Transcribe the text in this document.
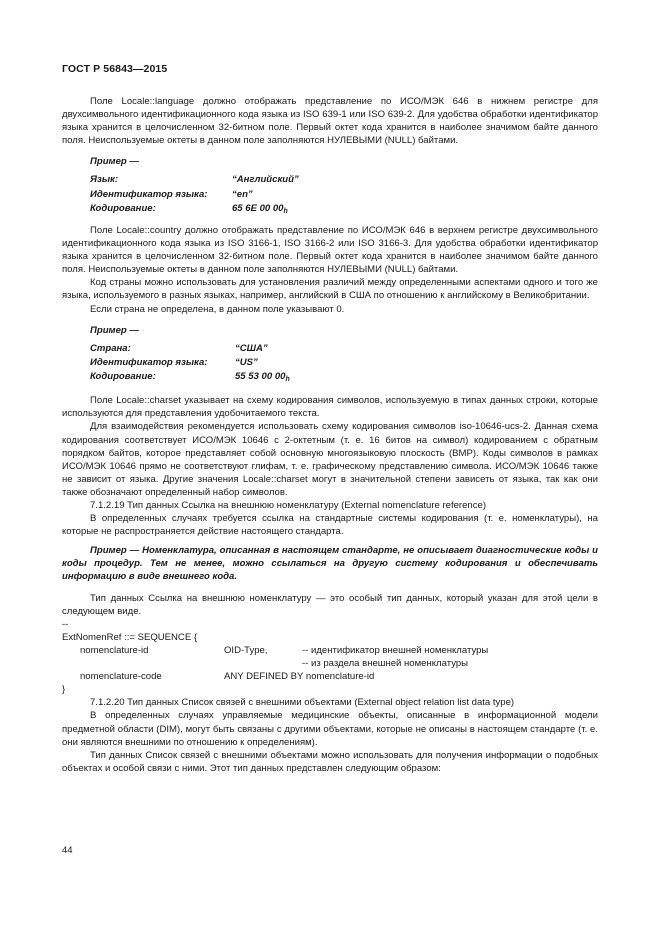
ГОСТ Р 56843—2015

Поле Locale::language должно отображать представление по ИСО/МЭК 646 в нижнем регистре для двухсимвольного идентификационного кода языка из ISO 639-1 или ISO 639-2. Для удобства обработки идентификатор языка хранится в целочисленном 32-битном поле. Первый октет кода хранится в наиболее значимом байте данного поля. Неиспользуемые октеты в данном поле заполняются НУЛЕВЫМИ (NULL) байтами.

Пример —
Язык:	“Английский”
Идентификатор языка:	“en”
Кодирование:	65 6E 00 $00_h$

Поле Locale::country должно отображать представление по ИСО/МЭК 646 в верхнем регистре двухсимвольного идентификационного кода языка из ISO 3166-1, ISO 3166-2 или ISO 3166-3. Для удобства обработки идентификатор языка хранится в целочисленном 32-битном поле. Первый октет кода хранится в наиболее значимом байте данного поля. Неиспользуемые октеты в данном поле заполняются НУЛЕВЫМИ (NULL) байтами.

Код страны можно использовать для установления различий между определенными аспектами одного и того же языка, используемого в разных языках, например, английский в США по отношению к английскому в Великобритании.

Если страна не определена, в данном поле указывают 0.

Пример —
Страна:	“США”
Идентификатор языка:	“US”
Кодирование:	55 53 00 $00_h$

Поле Locale::charset указывает на схему кодирования символов, используемую в типах данных строки, которые используются для представления удобочитаемого текста.

Для взаимодействия рекомендуется использовать схему кодирования символов iso-10646-ucs-2. Данная схема кодирования соответствует ИСО/МЭК 10646 с 2-октетным (т. е. 16 битов на символ) кодированием с обратным порядком байтов, которое представляет собой основную многоязыковую плоскость (BMP). Коды символов в рамках ИСО/МЭК 10646 прямо не соответствуют глифам, т. е. графическому представлению символа. ИСО/МЭК 10646 также не зависит от языка. Другие значения Locale::charset могут в значительной степени зависеть от языка, так как они также обозначают определенный набор символов.

7.1.2.19 Тип данных Ссылка на внешнюю номенклатуру (External nomenclature reference)

В определенных случаях требуется ссылка на стандартные системы кодирования (т. е. номенклатуры), на которые не распространяется действие настоящего стандарта.

Пример — Номенклатура, описанная в настоящем стандарте, не описывает диагностические коды и коды процедур. Тем не менее, можно ссылаться на другую систему кодирования и обеспечивать информацию в виде внешнего кода.

Тип данных Ссылка на внешнюю номенклатуру — это особый тип данных, который указан для этой цели в следующем виде.

--
ExtNomenRef ::= SEQUENCE {
nomenclature-id	OID-Type,	-- идентификатор внешней номенклатуры
-- из раздела внешней номенклатуры
nomenclature-code	ANY DEFINED BY nomenclature-id
}

7.1.2.20 Тип данных Список связей с внешними объектами (External object relation list data type)

В определенных случаях управляемые медицинские объекты, описанные в информационной модели предметной области (DIM), могут быть связаны с другими объектами, которые не описаны в настоящем стандарте (т. е. они являются внешними по отношению к определениям).

Тип данных Список связей с внешними объектами можно использовать для получения информации о подобных объектах и особой связи с ними. Этот тип данных представлен следующим образом:

44
